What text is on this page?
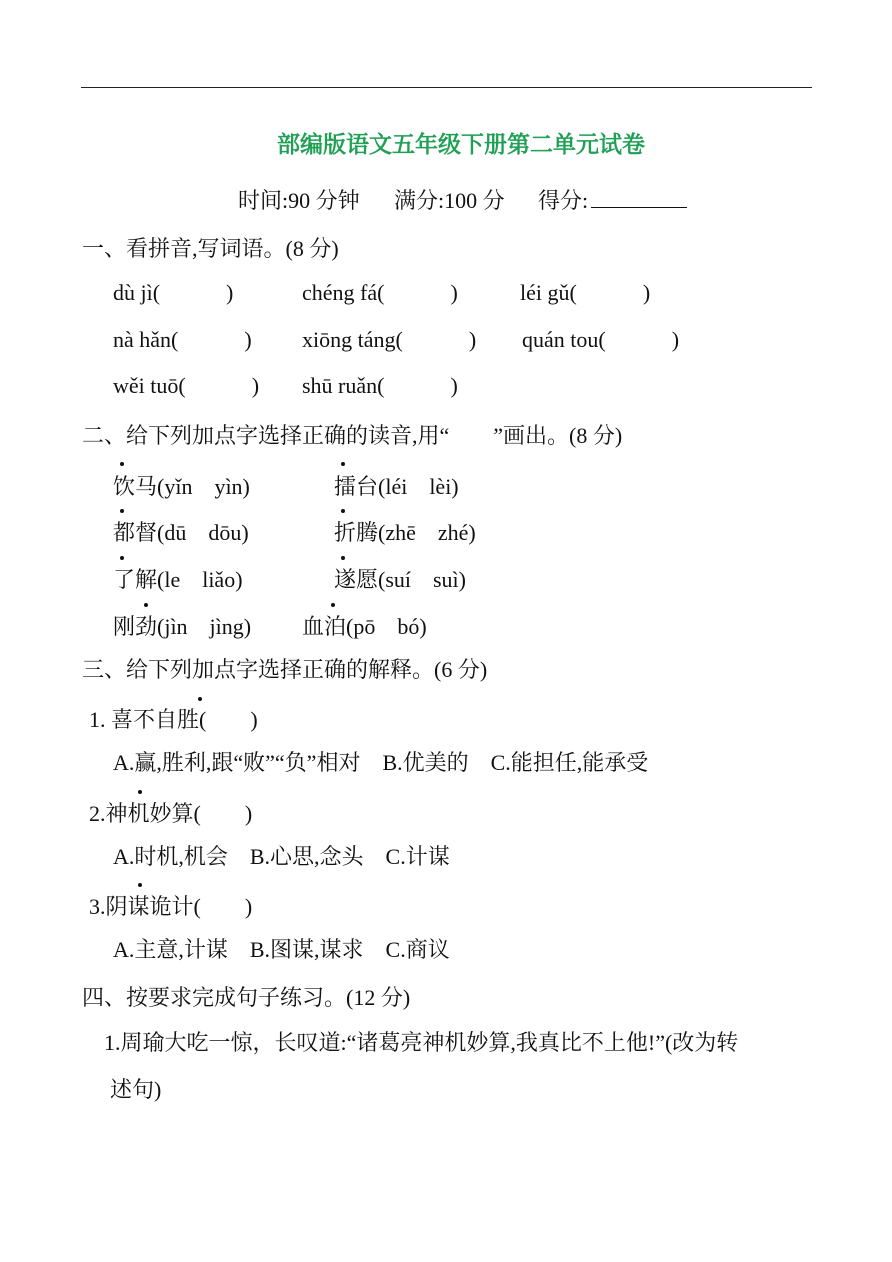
部编版语文五年级下册第二单元试卷
时间:90 分钟 满分:100 分 得分:
一、看拼音,写词语。(8 分)
dù jì(　　　)	chéng fá(　　　)	léi gǔ(　　　)
nà hǎn(　　　) xiōng táng(　　　) quán tou(　　　)
wěi tuō(　　　) shū ruǎn(　　　)
二、给下列加点字选择正确的读音,用“　　”画出。(8 分)
饮马(yǐn　yìn)	擂台(léi　lèi)
都督(dū　dōu)	折腾(zhē　zhé)
了解(le　liǎo)	遂愿(suí　suì)
刚劲(jìn　jìng) 血泊(pō　bó)
三、给下列加点字选择正确的解释。(6 分)
1. 喜不自胜(　　)
A.赢,胜利,跟“败”“负”相对　B.优美的　C.能担任,能承受
2.神机妙算(　　)
A.时机,机会　B.心思,念头　C.计谋
3.阴谋诡计(　　)
A.主意,计谋　B.图谋,谋求　C.商议
四、按要求完成句子练习。(12 分)
1.周瑜大吃一惊，长叹道:“诸葛亮神机妙算,我真比不上他!”(改为转
述句)
